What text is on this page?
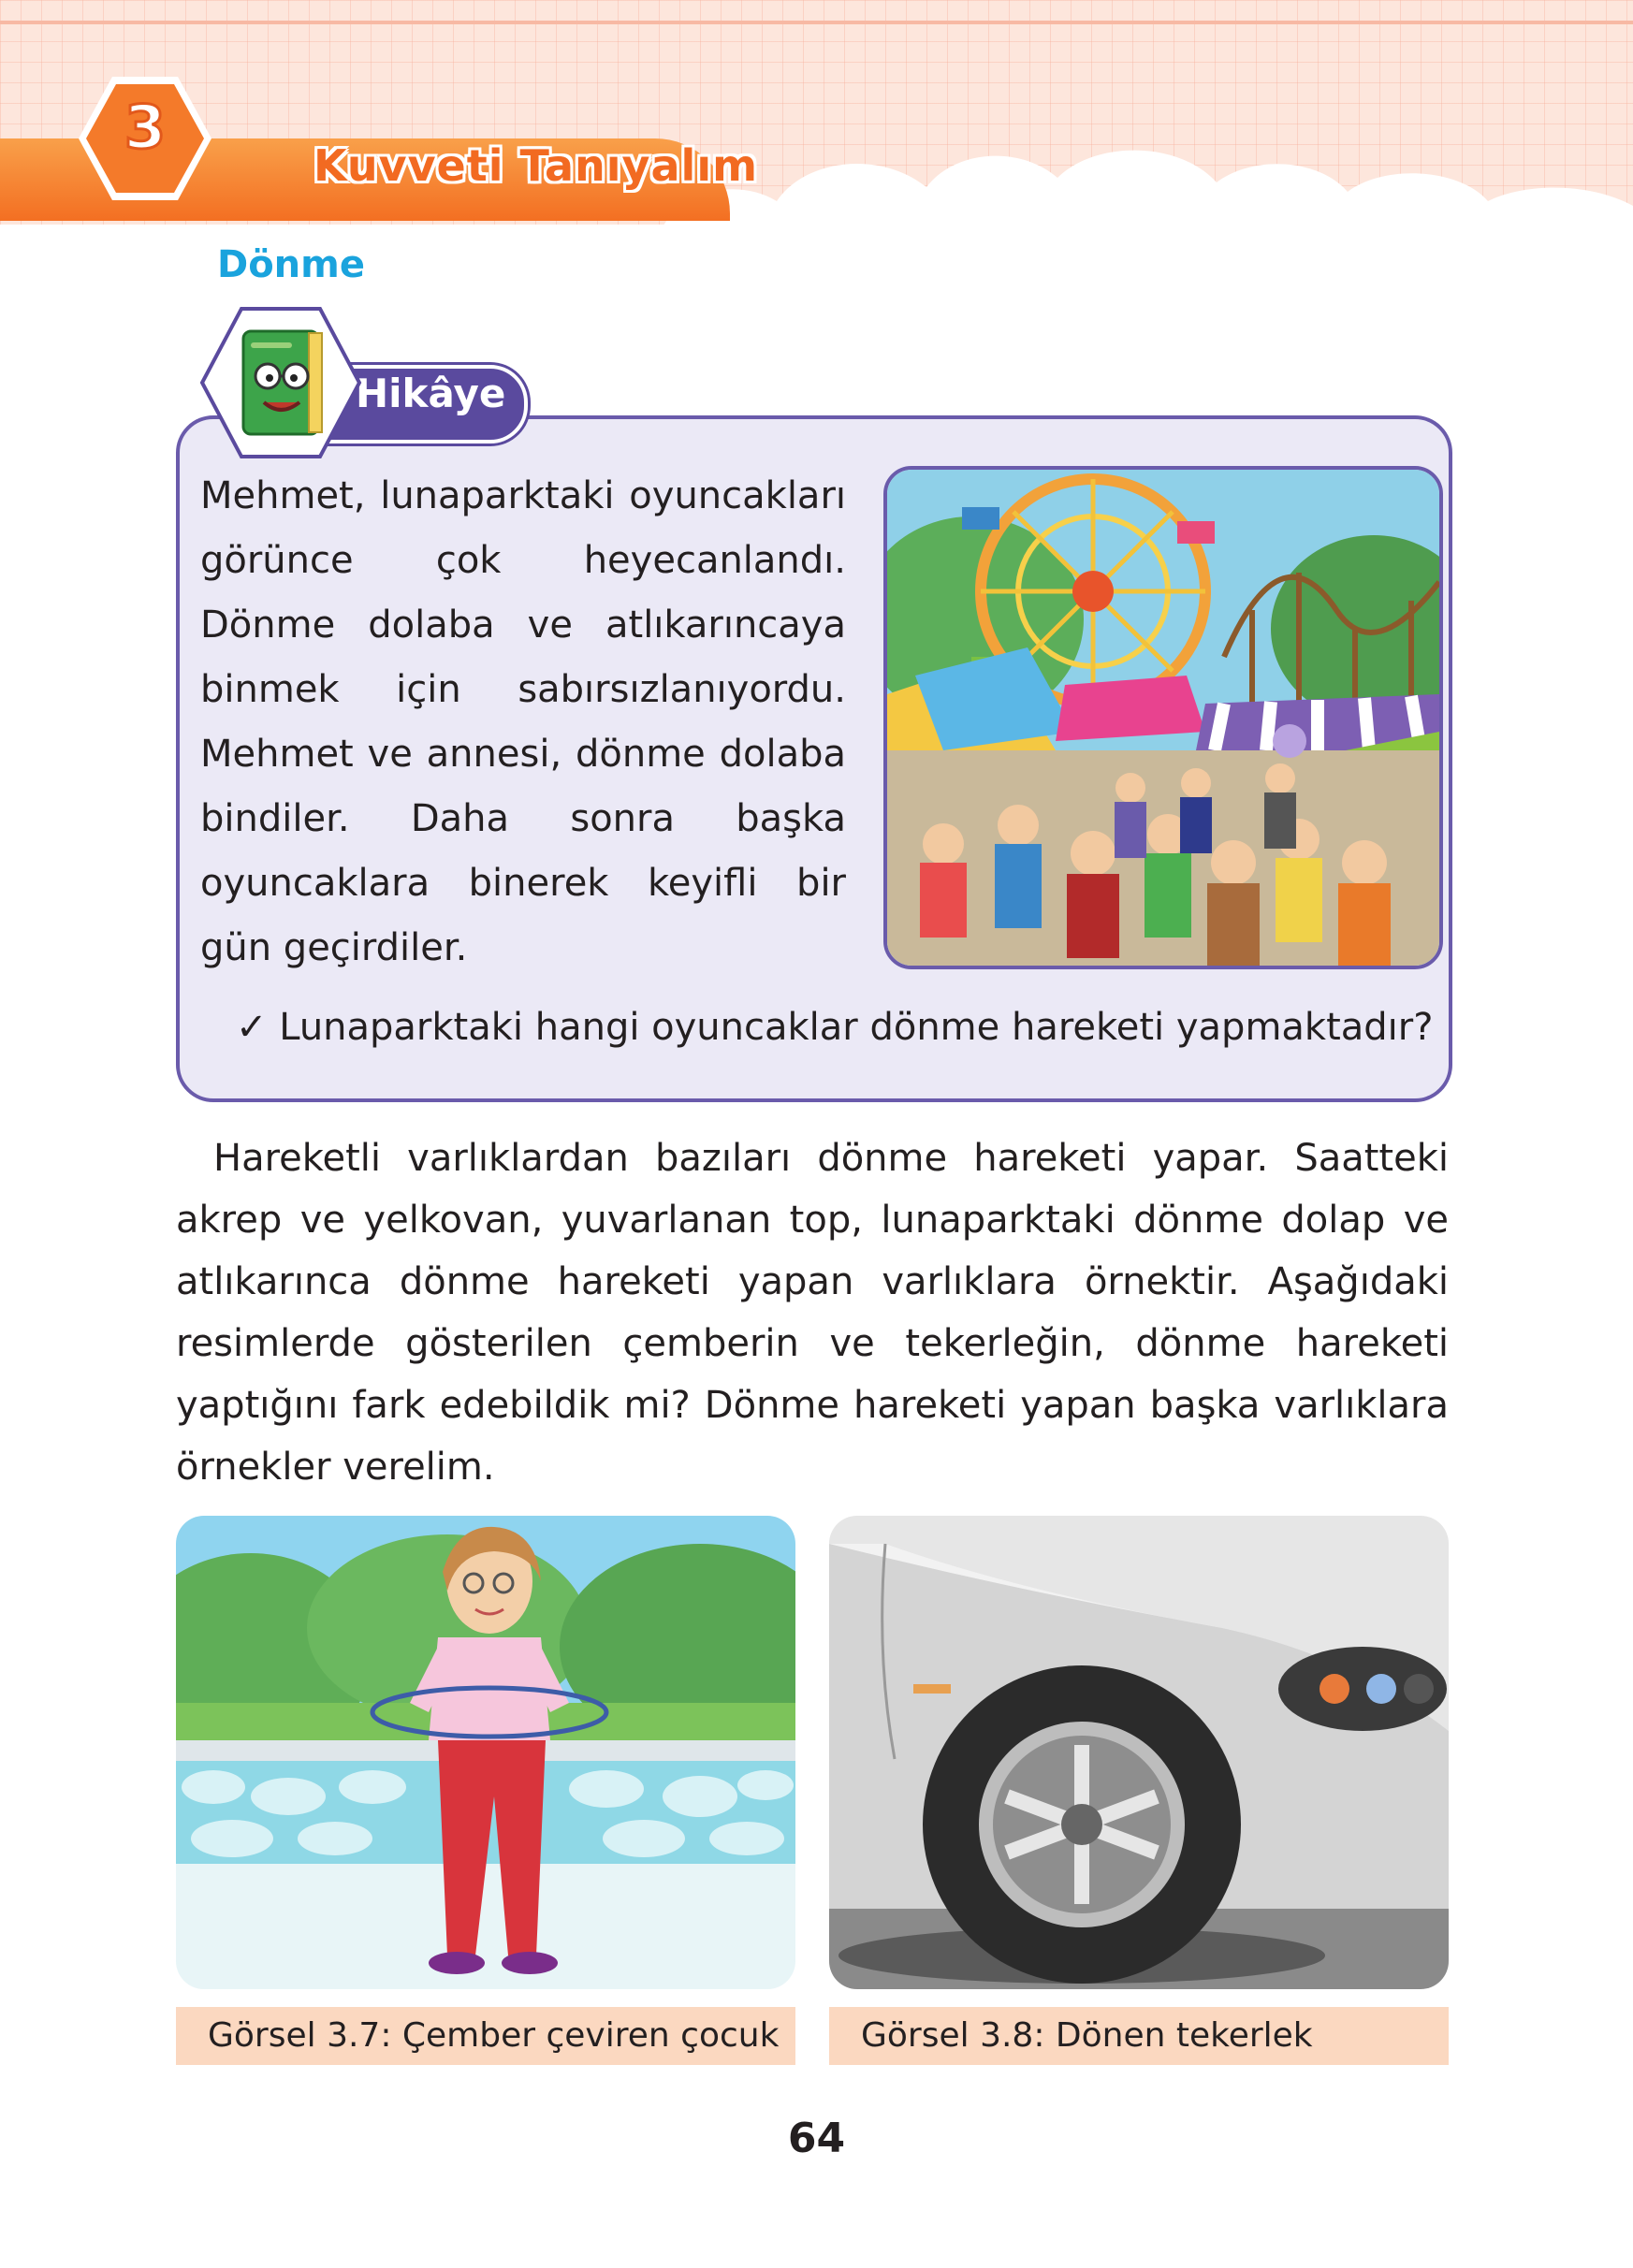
3
Kuvveti Tanıyalım
Dönme
Hikâye

Mehmet, lunaparktaki oyuncakları görünce çok heyecanlandı. Dönme dolaba ve atlıkarıncaya binmek için sabırsızlanıyordu. Mehmet ve annesi, dönme dolaba bindiler. Daha sonra başka oyuncaklara binerek keyifli bir gün geçirdiler.

✓ Lunaparktaki hangi oyuncaklar dönme hareketi yapmaktadır?

Hareketli varlıklardan bazıları dönme hareketi yapar. Saatteki akrep ve yelkovan, yuvarlanan top, lunaparktaki dönme dolap ve atlıkarınca dönme hareketi yapan varlıklara örnektir. Aşağıdaki resimlerde gösterilen çemberin ve tekerleğin, dönme hareketi yaptığını fark edebildik mi? Dönme hareketi yapan başka varlıklara örnekler verelim.

Görsel 3.7: Çember çeviren çocuk	Görsel 3.8: Dönen tekerlek
64
